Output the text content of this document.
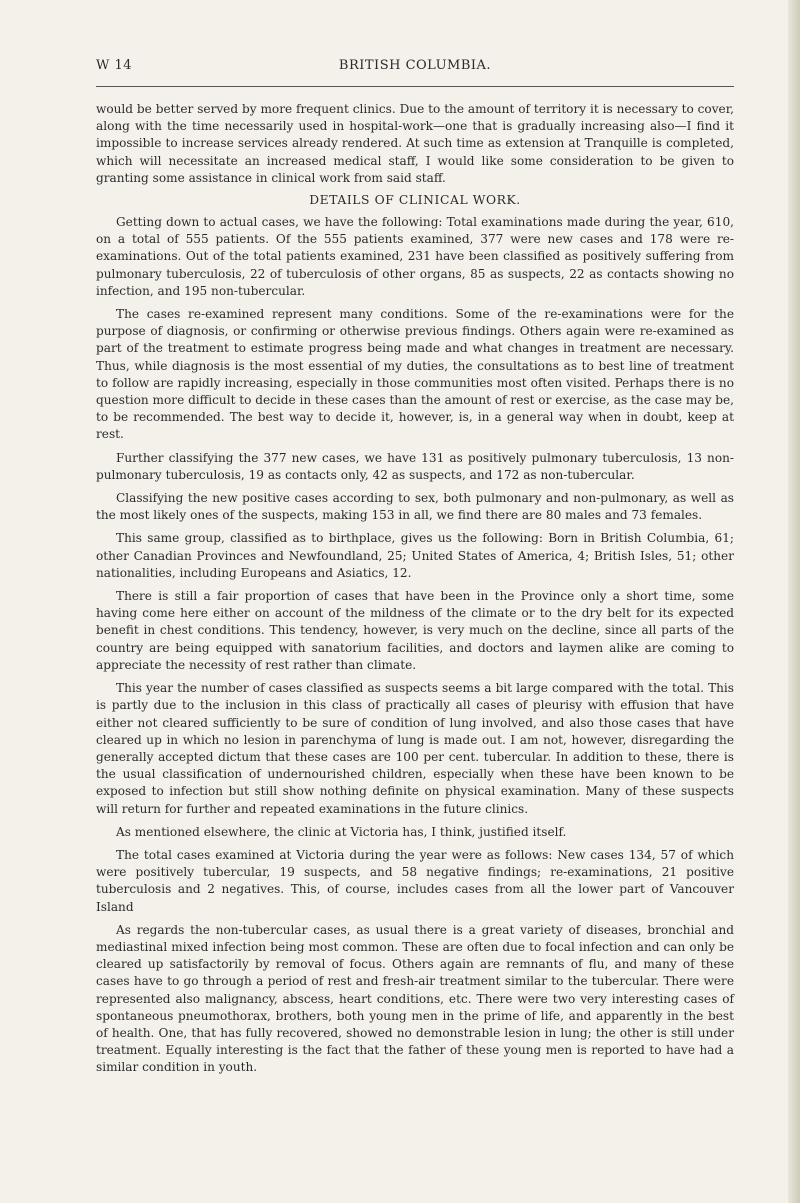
W 14	BRITISH COLUMBIA.

would be better served by more frequent clinics. Due to the amount of territory it is necessary to cover, along with the time necessarily used in hospital-work—one that is gradually increasing also—I find it impossible to increase services already rendered. At such time as extension at Tranquille is completed, which will necessitate an increased medical staff, I would like some consideration to be given to granting some assistance in clinical work from said staff.

DETAILS OF CLINICAL WORK.

Getting down to actual cases, we have the following: Total examinations made during the year, 610, on a total of 555 patients. Of the 555 patients examined, 377 were new cases and 178 were re-examinations. Out of the total patients examined, 231 have been classified as positively suffering from pulmonary tuberculosis, 22 of tuberculosis of other organs, 85 as suspects, 22 as contacts showing no infection, and 195 non-tubercular.

The cases re-examined represent many conditions. Some of the re-examinations were for the purpose of diagnosis, or confirming or otherwise previous findings. Others again were re-examined as part of the treatment to estimate progress being made and what changes in treatment are necessary. Thus, while diagnosis is the most essential of my duties, the consultations as to best line of treatment to follow are rapidly increasing, especially in those communities most often visited. Perhaps there is no question more difficult to decide in these cases than the amount of rest or exercise, as the case may be, to be recommended. The best way to decide it, however, is, in a general way when in doubt, keep at rest.

Further classifying the 377 new cases, we have 131 as positively pulmonary tuberculosis, 13 non-pulmonary tuberculosis, 19 as contacts only, 42 as suspects, and 172 as non-tubercular.

Classifying the new positive cases according to sex, both pulmonary and non-pulmonary, as well as the most likely ones of the suspects, making 153 in all, we find there are 80 males and 73 females.

This same group, classified as to birthplace, gives us the following: Born in British Columbia, 61; other Canadian Provinces and Newfoundland, 25; United States of America, 4; British Isles, 51; other nationalities, including Europeans and Asiatics, 12.

There is still a fair proportion of cases that have been in the Province only a short time, some having come here either on account of the mildness of the climate or to the dry belt for its expected benefit in chest conditions. This tendency, however, is very much on the decline, since all parts of the country are being equipped with sanatorium facilities, and doctors and laymen alike are coming to appreciate the necessity of rest rather than climate.

This year the number of cases classified as suspects seems a bit large compared with the total. This is partly due to the inclusion in this class of practically all cases of pleurisy with effusion that have either not cleared sufficiently to be sure of condition of lung involved, and also those cases that have cleared up in which no lesion in parenchyma of lung is made out. I am not, however, disregarding the generally accepted dictum that these cases are 100 per cent. tubercular. In addition to these, there is the usual classification of undernourished children, especially when these have been known to be exposed to infection but still show nothing definite on physical examination. Many of these suspects will return for further and repeated examinations in the future clinics.

As mentioned elsewhere, the clinic at Victoria has, I think, justified itself.

The total cases examined at Victoria during the year were as follows: New cases 134, 57 of which were positively tubercular, 19 suspects, and 58 negative findings; re-examinations, 21 positive tuberculosis and 2 negatives. This, of course, includes cases from all the lower part of Vancouver Island

As regards the non-tubercular cases, as usual there is a great variety of diseases, bronchial and mediastinal mixed infection being most common. These are often due to focal infection and can only be cleared up satisfactorily by removal of focus. Others again are remnants of flu, and many of these cases have to go through a period of rest and fresh-air treatment similar to the tubercular. There were represented also malignancy, abscess, heart conditions, etc. There were two very interesting cases of spontaneous pneumothorax, brothers, both young men in the prime of life, and apparently in the best of health. One, that has fully recovered, showed no demonstrable lesion in lung; the other is still under treatment. Equally interesting is the fact that the father of these young men is reported to have had a similar condition in youth.
